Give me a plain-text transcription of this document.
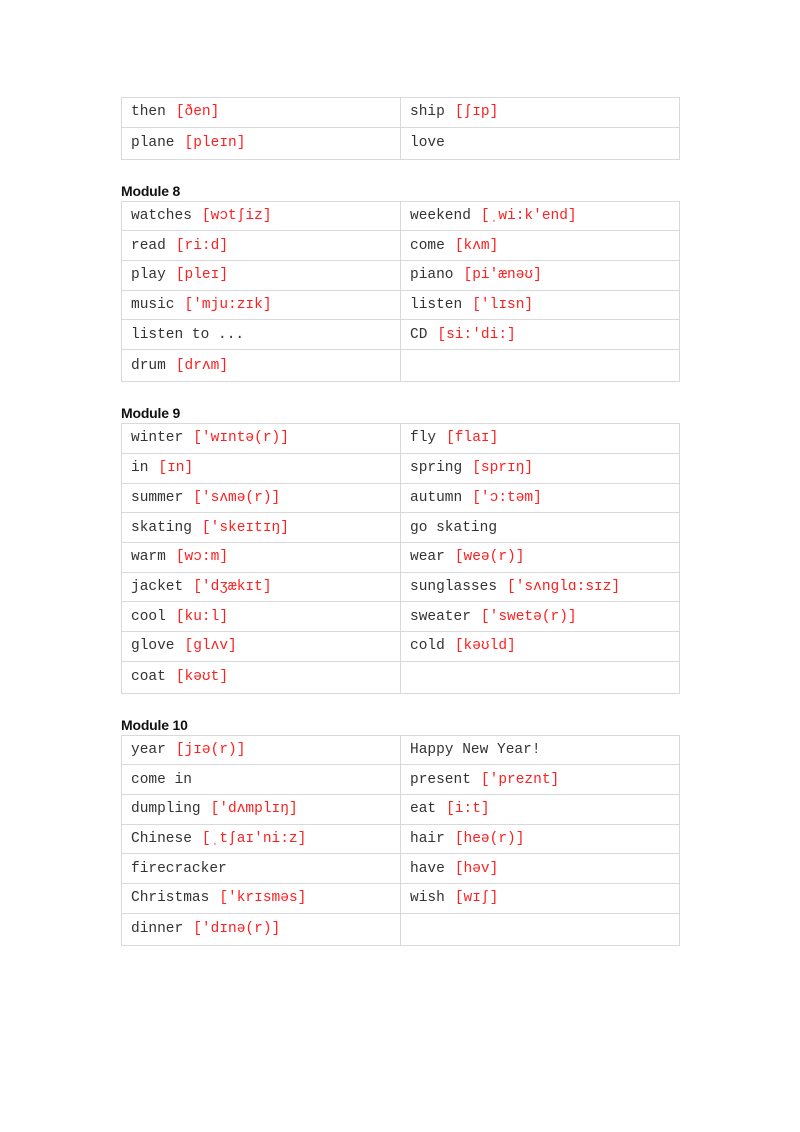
then [ðen]	ship [ʃɪp]
plane [pleɪn]	love
Module 8
watches [wɔtʃiz]	weekend [ˌwi:k'end]
read [ri:d]	come [kʌm]
play [pleɪ]	piano [pi'ænəʊ]
music ['mju:zɪk]	listen ['lɪsn]
listen to ...	CD [si:'di:]
drum [drʌm]	
Module 9
winter ['wɪntə(r)]	fly [flaɪ]
in [ɪn]	spring [sprɪŋ]
summer ['sʌmə(r)]	autumn ['ɔ:təm]
skating ['skeɪtɪŋ]	go skating
warm [wɔ:m]	wear [weə(r)]
jacket ['dʒækɪt]	sunglasses ['sʌnglɑ:sɪz]
cool [ku:l]	sweater ['swetə(r)]
glove [glʌv]	cold [kəʊld]
coat [kəʊt]	
Module 10
year [jɪə(r)]	Happy New Year!
come in	present ['preznt]
dumpling ['dʌmplɪŋ]	eat [i:t]
Chinese [ˌtʃaɪ'ni:z]	hair [heə(r)]
firecracker	have [həv]
Christmas ['krɪsməs]	wish [wɪʃ]
dinner ['dɪnə(r)]	
